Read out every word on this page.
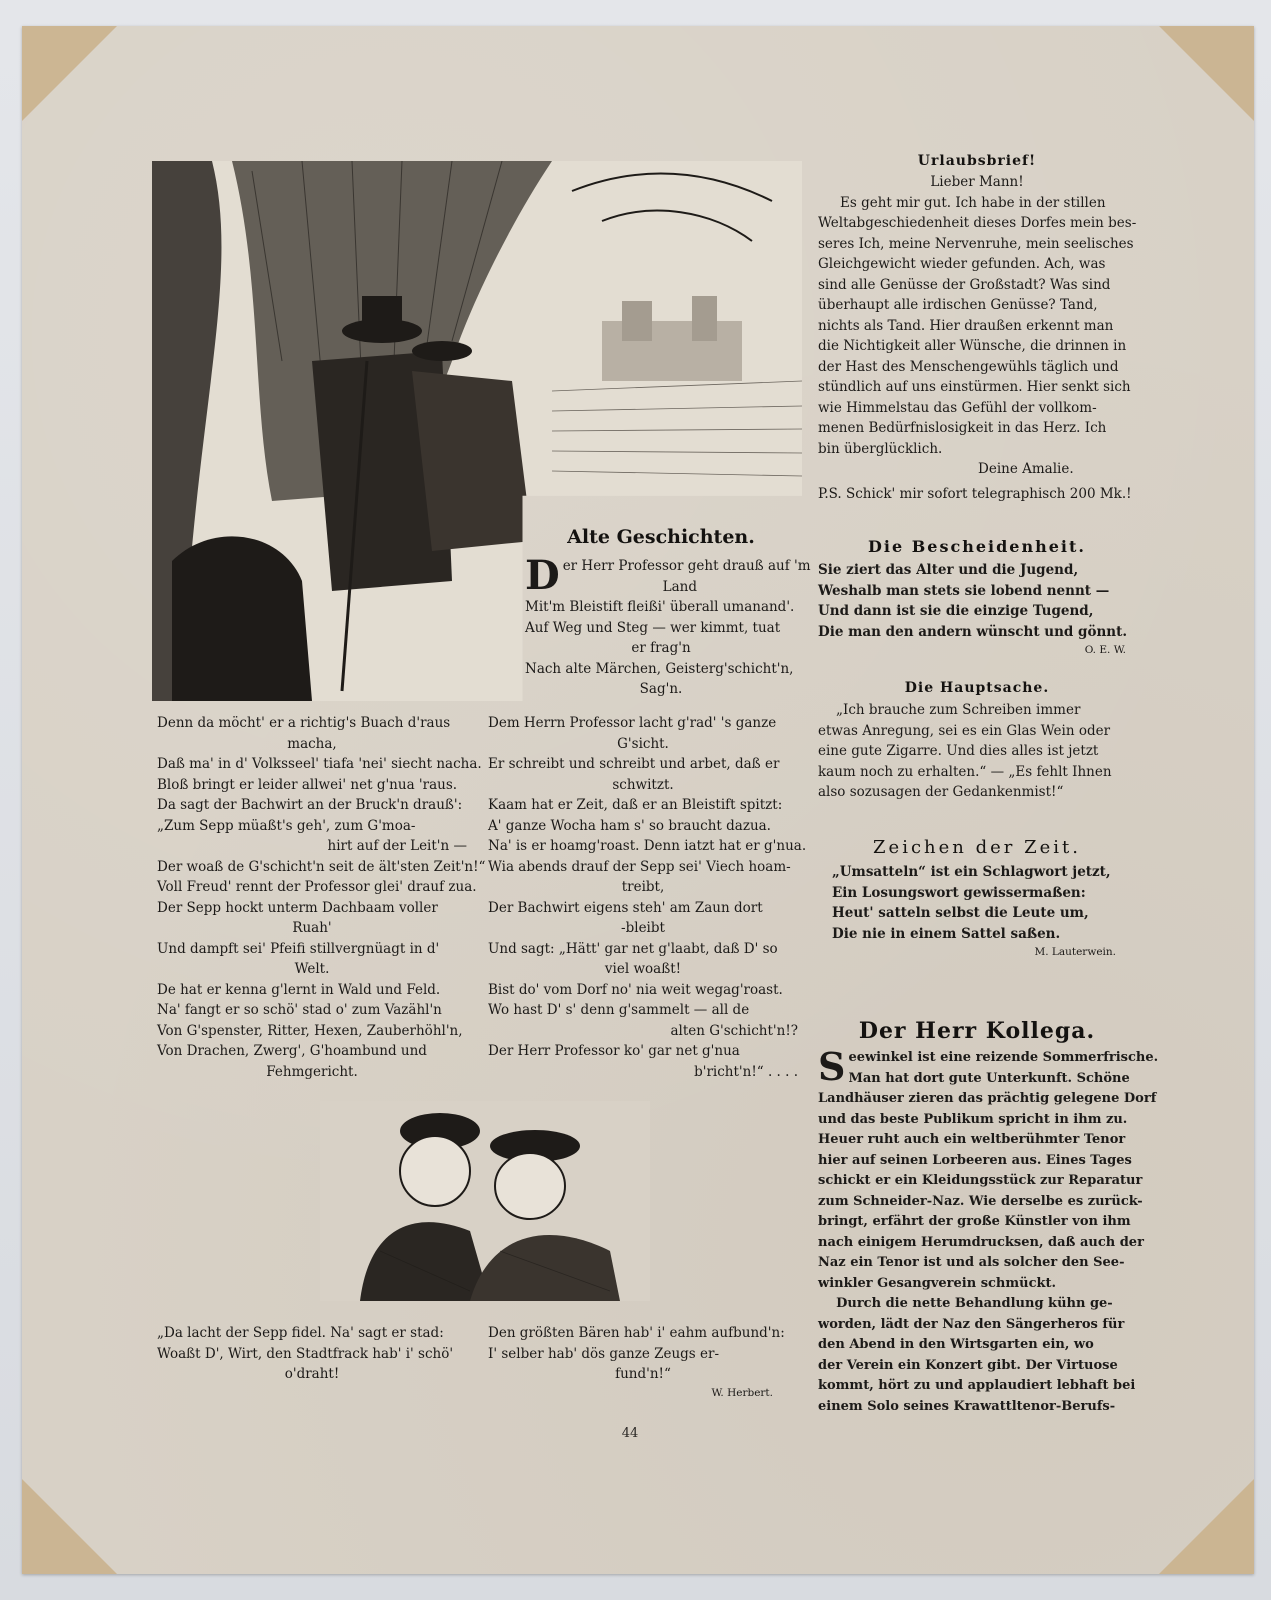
Alte Geschichten.
D er Herr Professor geht drauß auf 'm
Land
Mit'm Bleistift fleißi' überall umanand'.
Auf Weg und Steg — wer kimmt, tuat
er frag'n
Nach alte Märchen, Geisterg'schicht'n,
Sag'n.
Denn da möcht' er a richtig's Buach d'raus
macha,
Daß ma' in d' Volksseel' tiafa 'nei' siecht nacha.
Bloß bringt er leider allwei' net g'nua 'raus.
Da sagt der Bachwirt an der Bruck'n drauß':
„Zum Sepp müaßt's geh', zum G'moa-
hirt auf der Leit'n —
Der woaß de G'schicht'n seit de ält'sten Zeit'n!“
Voll Freud' rennt der Professor glei' drauf zua.
Der Sepp hockt unterm Dachbaam voller
Ruah'
Und dampft sei' Pfeifi stillvergnüagt in d'
Welt.
De hat er kenna g'lernt in Wald und Feld.
Na' fangt er so schö' stad o' zum Vazähl'n
Von G'spenster, Ritter, Hexen, Zauberhöhl'n,
Von Drachen, Zwerg', G'hoambund und
Fehmgericht.
Dem Herrn Professor lacht g'rad' 's ganze
G'sicht.
Er schreibt und schreibt und arbet, daß er
schwitzt.
Kaam hat er Zeit, daß er an Bleistift spitzt:
A' ganze Wocha ham s' so braucht dazua.
Na' is er hoamg'roast. Denn iatzt hat er g'nua.
Wia abends drauf der Sepp sei' Viech hoam-
treibt,
Der Bachwirt eigens steh' am Zaun dort
-bleibt
Und sagt: „Hätt' gar net g'laabt, daß D' so
viel woaßt!
Bist do' vom Dorf no' nia weit wegag'roast.
Wo hast D' s' denn g'sammelt — all de
alten G'schicht'n!?
Der Herr Professor ko' gar net g'nua
b'richt'n!“ . . . .
„Da lacht der Sepp fidel. Na' sagt er stad:
Woaßt D', Wirt, den Stadtfrack hab' i' schö'
o'draht!
Den größten Bären hab' i' eahm aufbund'n:
I' selber hab' dös ganze Zeugs er-
fund'n!“
W. Herbert.
Urlaubsbrief!
Lieber Mann!
Es geht mir gut. Ich habe in der stillen
Weltabgeschiedenheit dieses Dorfes mein bes-
seres Ich, meine Nervenruhe, mein seelisches
Gleichgewicht wieder gefunden. Ach, was
sind alle Genüsse der Großstadt? Was sind
überhaupt alle irdischen Genüsse? Tand,
nichts als Tand. Hier draußen erkennt man
die Nichtigkeit aller Wünsche, die drinnen in
der Hast des Menschengewühls täglich und
stündlich auf uns einstürmen. Hier senkt sich
wie Himmelstau das Gefühl der vollkom-
menen Bedürfnislosigkeit in das Herz. Ich
bin überglücklich.
Deine Amalie.
P.S. Schick' mir sofort telegraphisch 200 Mk.!
Die Bescheidenheit.
Sie ziert das Alter und die Jugend,
Weshalb man stets sie lobend nennt —
Und dann ist sie die einzige Tugend,
Die man den andern wünscht und gönnt.
O. E. W.
Die Hauptsache.
„Ich brauche zum Schreiben immer
etwas Anregung, sei es ein Glas Wein oder
eine gute Zigarre. Und dies alles ist jetzt
kaum noch zu erhalten.“ — „Es fehlt Ihnen
also sozusagen der Gedankenmist!“
Zeichen der Zeit.
„Umsatteln“ ist ein Schlagwort jetzt,
Ein Losungswort gewissermaßen:
Heut' satteln selbst die Leute um,
Die nie in einem Sattel saßen.
M. Lauterwein.
Der Herr Kollega.
S eewinkel ist eine reizende Sommerfrische.
Man hat dort gute Unterkunft. Schöne
Landhäuser zieren das prächtig gelegene Dorf
und das beste Publikum spricht in ihm zu.
Heuer ruht auch ein weltberühmter Tenor
hier auf seinen Lorbeeren aus. Eines Tages
schickt er ein Kleidungsstück zur Reparatur
zum Schneider-Naz. Wie derselbe es zurück-
bringt, erfährt der große Künstler von ihm
nach einigem Herumdrucksen, daß auch der
Naz ein Tenor ist und als solcher den See-
winkler Gesangverein schmückt.
Durch die nette Behandlung kühn ge-
worden, lädt der Naz den Sängerheros für
den Abend in den Wirtsgarten ein, wo
der Verein ein Konzert gibt. Der Virtuose
kommt, hört zu und applaudiert lebhaft bei
einem Solo seines Krawattltenor-Berufs-
44
